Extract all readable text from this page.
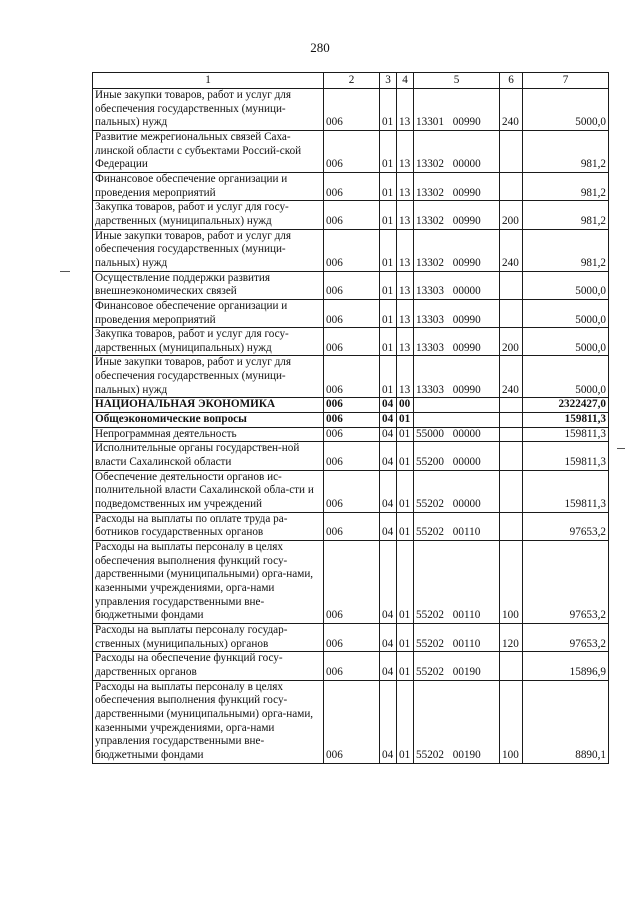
280
1	2	3	4	5	6	7
Иные закупки товаров, работ и услуг для обеспечения государственных (муници-пальных) нужд	006	01	13	13301 00990	240	5000,0
Развитие межрегиональных связей Саха-линской области с субъектами Россий-ской Федерации	006	01	13	13302 00000		981,2
Финансовое обеспечение организации и проведения мероприятий	006	01	13	13302 00990		981,2
Закупка товаров, работ и услуг для госу-дарственных (муниципальных) нужд	006	01	13	13302 00990	200	981,2
Иные закупки товаров, работ и услуг для обеспечения государственных (муници-пальных) нужд	006	01	13	13302 00990	240	981,2
Осуществление поддержки развития внешнеэкономических связей	006	01	13	13303 00000		5000,0
Финансовое обеспечение организации и проведения мероприятий	006	01	13	13303 00990		5000,0
Закупка товаров, работ и услуг для госу-дарственных (муниципальных) нужд	006	01	13	13303 00990	200	5000,0
Иные закупки товаров, работ и услуг для обеспечения государственных (муници-пальных) нужд	006	01	13	13303 00990	240	5000,0
НАЦИОНАЛЬНАЯ ЭКОНОМИКА	006	04	00			2322427,0
Общеэкономические вопросы	006	04	01			159811,3
Непрограммная деятельность	006	04	01	55000 00000		159811,3
Исполнительные органы государствен-ной власти Сахалинской области	006	04	01	55200 00000		159811,3
Обеспечение деятельности органов ис-полнительной власти Сахалинской обла-сти и подведомственных им учреждений	006	04	01	55202 00000		159811,3
Расходы на выплаты по оплате труда ра-ботников государственных органов	006	04	01	55202 00110		97653,2
Расходы на выплаты персоналу в целях обеспечения выполнения функций госу-дарственными (муниципальными) орга-нами, казенными учреждениями, орга-нами управления государственными вне-бюджетными фондами	006	04	01	55202 00110	100	97653,2
Расходы на выплаты персоналу государ-ственных (муниципальных) органов	006	04	01	55202 00110	120	97653,2
Расходы на обеспечение функций госу-дарственных органов	006	04	01	55202 00190		15896,9
Расходы на выплаты персоналу в целях обеспечения выполнения функций госу-дарственными (муниципальными) орга-нами, казенными учреждениями, орга-нами управления государственными вне-бюджетными фондами	006	04	01	55202 00190	100	8890,1
